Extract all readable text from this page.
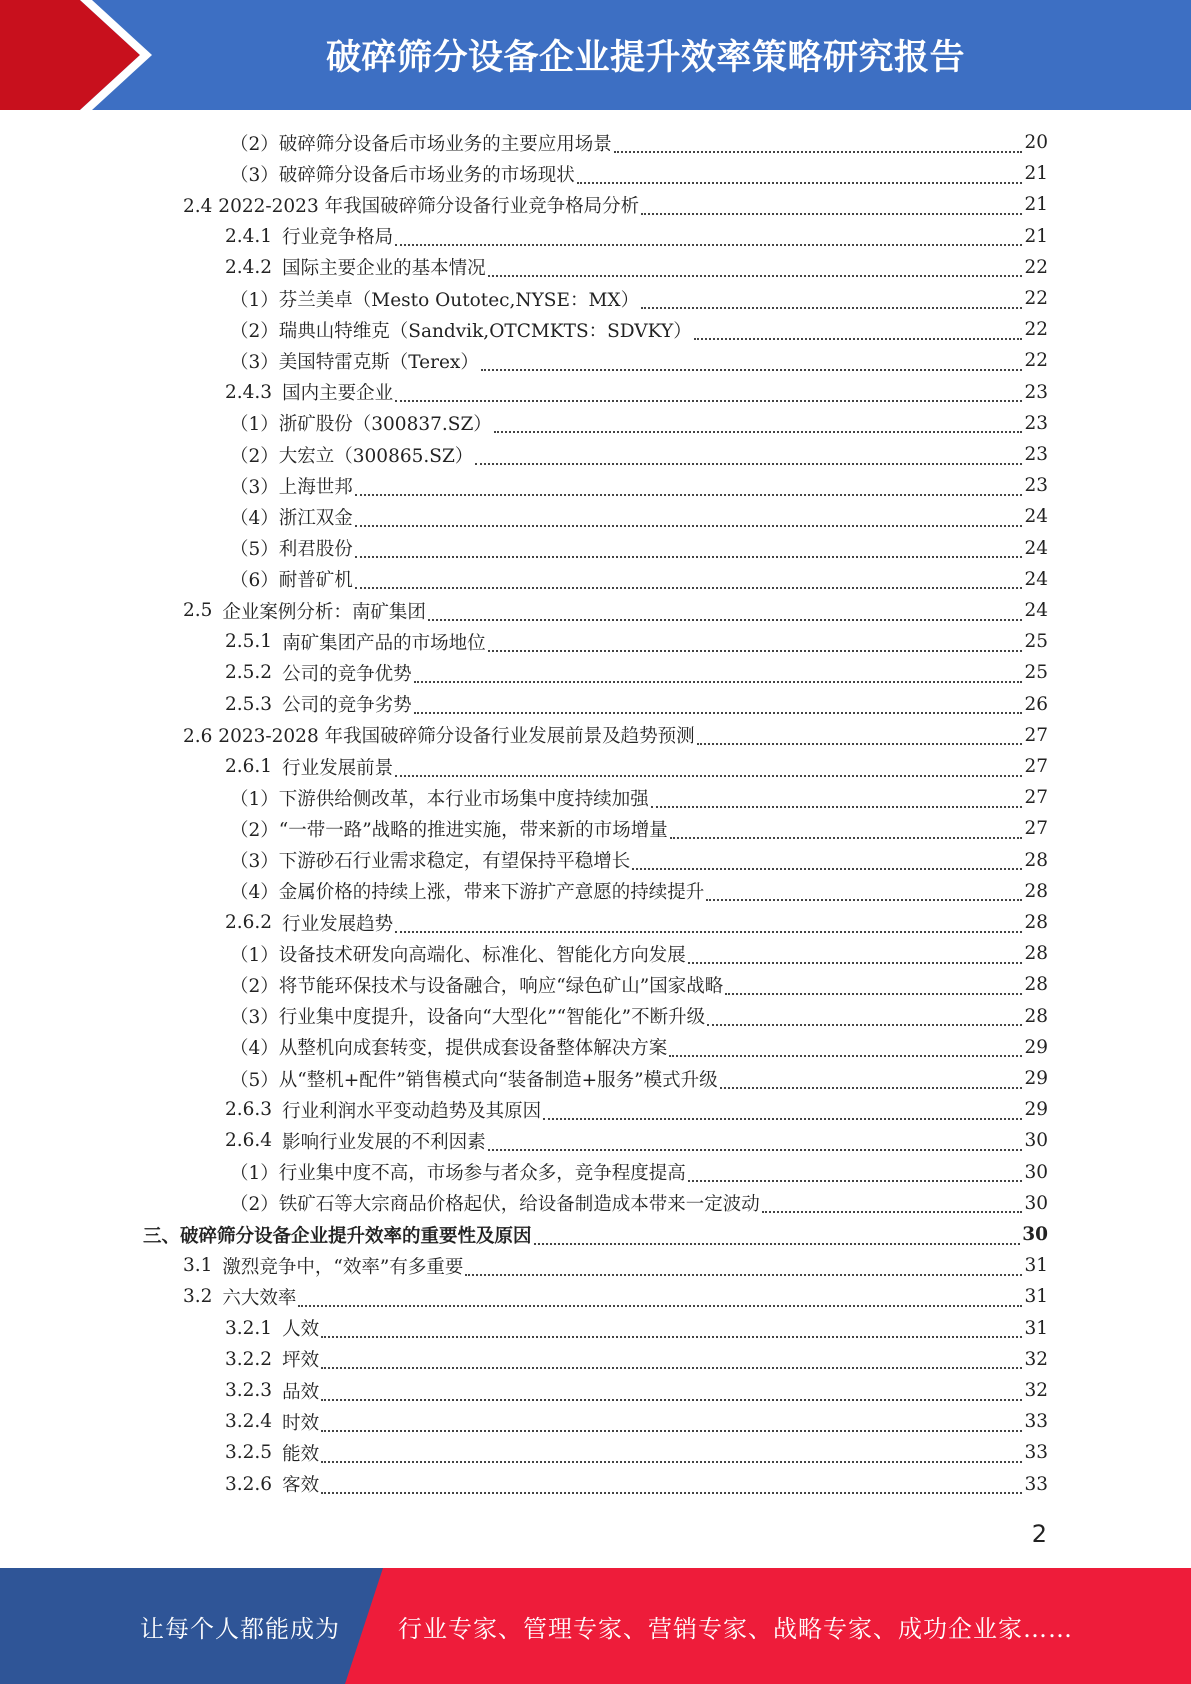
破碎筛分设备企业提升效率策略研究报告
（2）破碎筛分设备后市场业务的主要应用场景	20
（3）破碎筛分设备后市场业务的市场现状	21
2.4 2022-2023 年我国破碎筛分设备行业竞争格局分析	21
2.4.1 行业竞争格局	21
2.4.2 国际主要企业的基本情况	22
（1）芬兰美卓（Mesto Outotec,NYSE：MX）	22
（2）瑞典山特维克（Sandvik,OTCMKTS：SDVKY）	22
（3）美国特雷克斯（Terex）	22
2.4.3 国内主要企业	23
（1）浙矿股份（300837.SZ）	23
（2）大宏立（300865.SZ）	23
（3）上海世邦	23
（4）浙江双金	24
（5）利君股份	24
（6）耐普矿机	24
2.5 企业案例分析：南矿集团	24
2.5.1 南矿集团产品的市场地位	25
2.5.2 公司的竞争优势	25
2.5.3 公司的竞争劣势	26
2.6 2023-2028 年我国破碎筛分设备行业发展前景及趋势预测	27
2.6.1 行业发展前景	27
（1）下游供给侧改革，本行业市场集中度持续加强	27
（2）“一带一路”战略的推进实施，带来新的市场增量	27
（3）下游砂石行业需求稳定，有望保持平稳增长	28
（4）金属价格的持续上涨，带来下游扩产意愿的持续提升	28
2.6.2 行业发展趋势	28
（1）设备技术研发向高端化、标准化、智能化方向发展	28
（2）将节能环保技术与设备融合，响应“绿色矿山”国家战略	28
（3）行业集中度提升，设备向“大型化”“智能化”不断升级	28
（4）从整机向成套转变，提供成套设备整体解决方案	29
（5）从“整机+配件”销售模式向“装备制造+服务”模式升级	29
2.6.3 行业利润水平变动趋势及其原因	29
2.6.4 影响行业发展的不利因素	30
（1）行业集中度不高，市场参与者众多，竞争程度提高	30
（2）铁矿石等大宗商品价格起伏，给设备制造成本带来一定波动	30
三、破碎筛分设备企业提升效率的重要性及原因	30
3.1 激烈竞争中，“效率”有多重要	31
3.2 六大效率	31
3.2.1 人效	31
3.2.2 坪效	32
3.2.3 品效	32
3.2.4 时效	33
3.2.5 能效	33
3.2.6 客效	33
2
让每个人都能成为 行业专家、管理专家、营销专家、战略专家、成功企业家……
